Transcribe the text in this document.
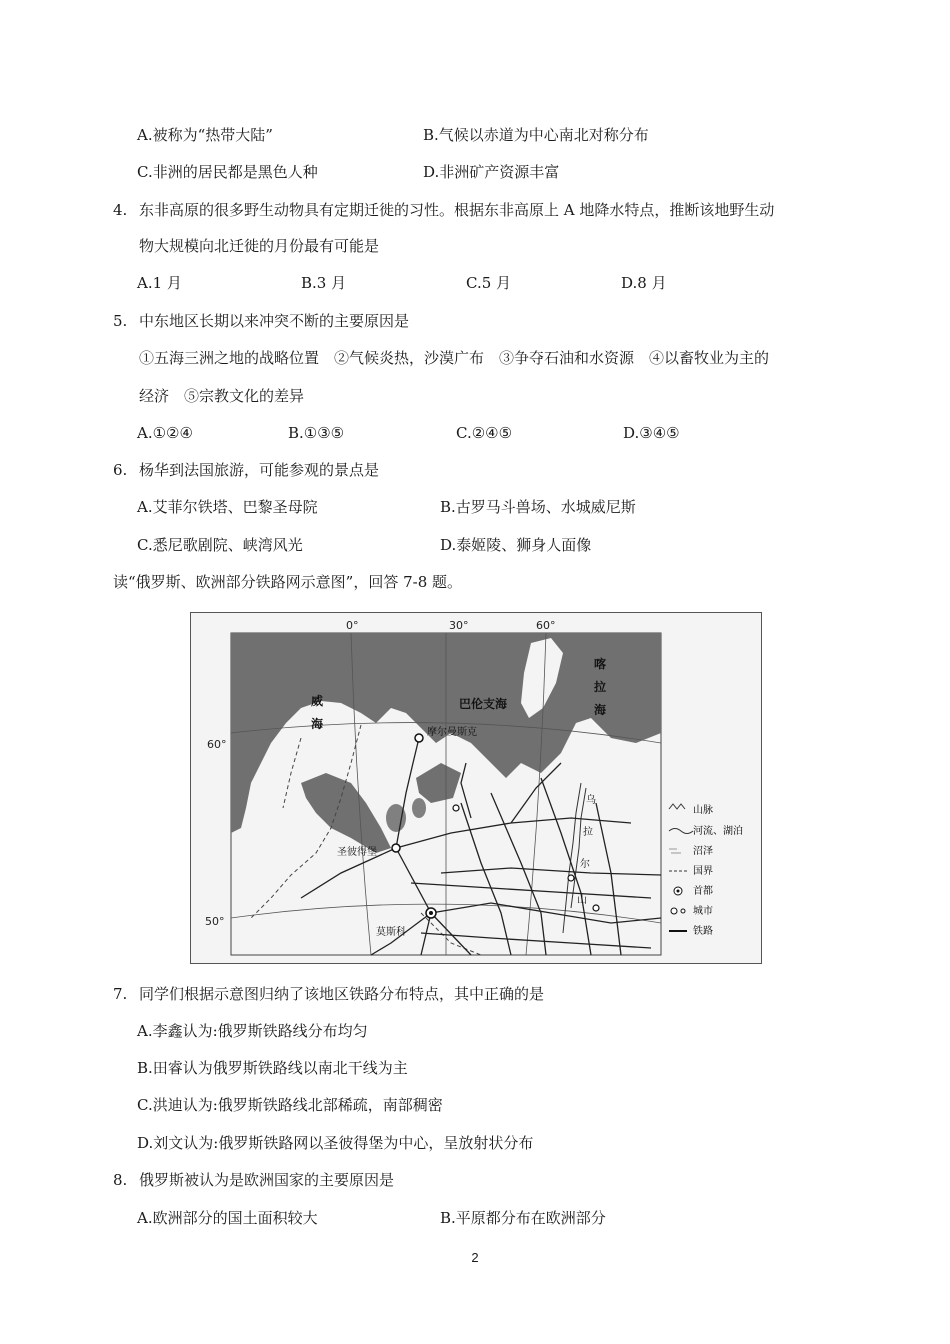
A.被称为“热带大陆”	B.气候以赤道为中心南北对称分布
C.非洲的居民都是黑色人种	D.非洲矿产资源丰富
4. 东非高原的很多野生动物具有定期迁徙的习性。根据东非高原上 A 地降水特点，推断该地野生动
物大规模向北迁徙的月份最有可能是
A.1 月	B.3 月	C.5 月	D.8 月
5. 中东地区长期以来冲突不断的主要原因是
①五海三洲之地的战略位置　②气候炎热，沙漠广布　③争夺石油和水资源　④以畜牧业为主的
经济　⑤宗教文化的差异
A.①②④	B.①③⑤	C.②④⑤	D.③④⑤
6. 杨华到法国旅游，可能参观的景点是
A.艾菲尔铁塔、巴黎圣母院	B.古罗马斗兽场、水城威尼斯
C.悉尼歌剧院、峡湾风光	D.泰姬陵、狮身人面像
读“俄罗斯、欧洲部分铁路网示意图”，回答 7-8 题。
0°	30°	60°
60°
50°
威
海
巴伦支海
喀
拉
海
摩尔曼斯克
圣彼得堡
莫斯科
乌
拉
尔
山
山脉
河流、湖泊
沼泽
国界
首都
城市
铁路
7. 同学们根据示意图归纳了该地区铁路分布特点，其中正确的是
A.李鑫认为:俄罗斯铁路线分布均匀
B.田睿认为俄罗斯铁路线以南北干线为主
C.洪迪认为:俄罗斯铁路线北部稀疏，南部稠密
D.刘文认为:俄罗斯铁路网以圣彼得堡为中心，呈放射状分布
8. 俄罗斯被认为是欧洲国家的主要原因是
A.欧洲部分的国土面积较大	B.平原都分布在欧洲部分
2
